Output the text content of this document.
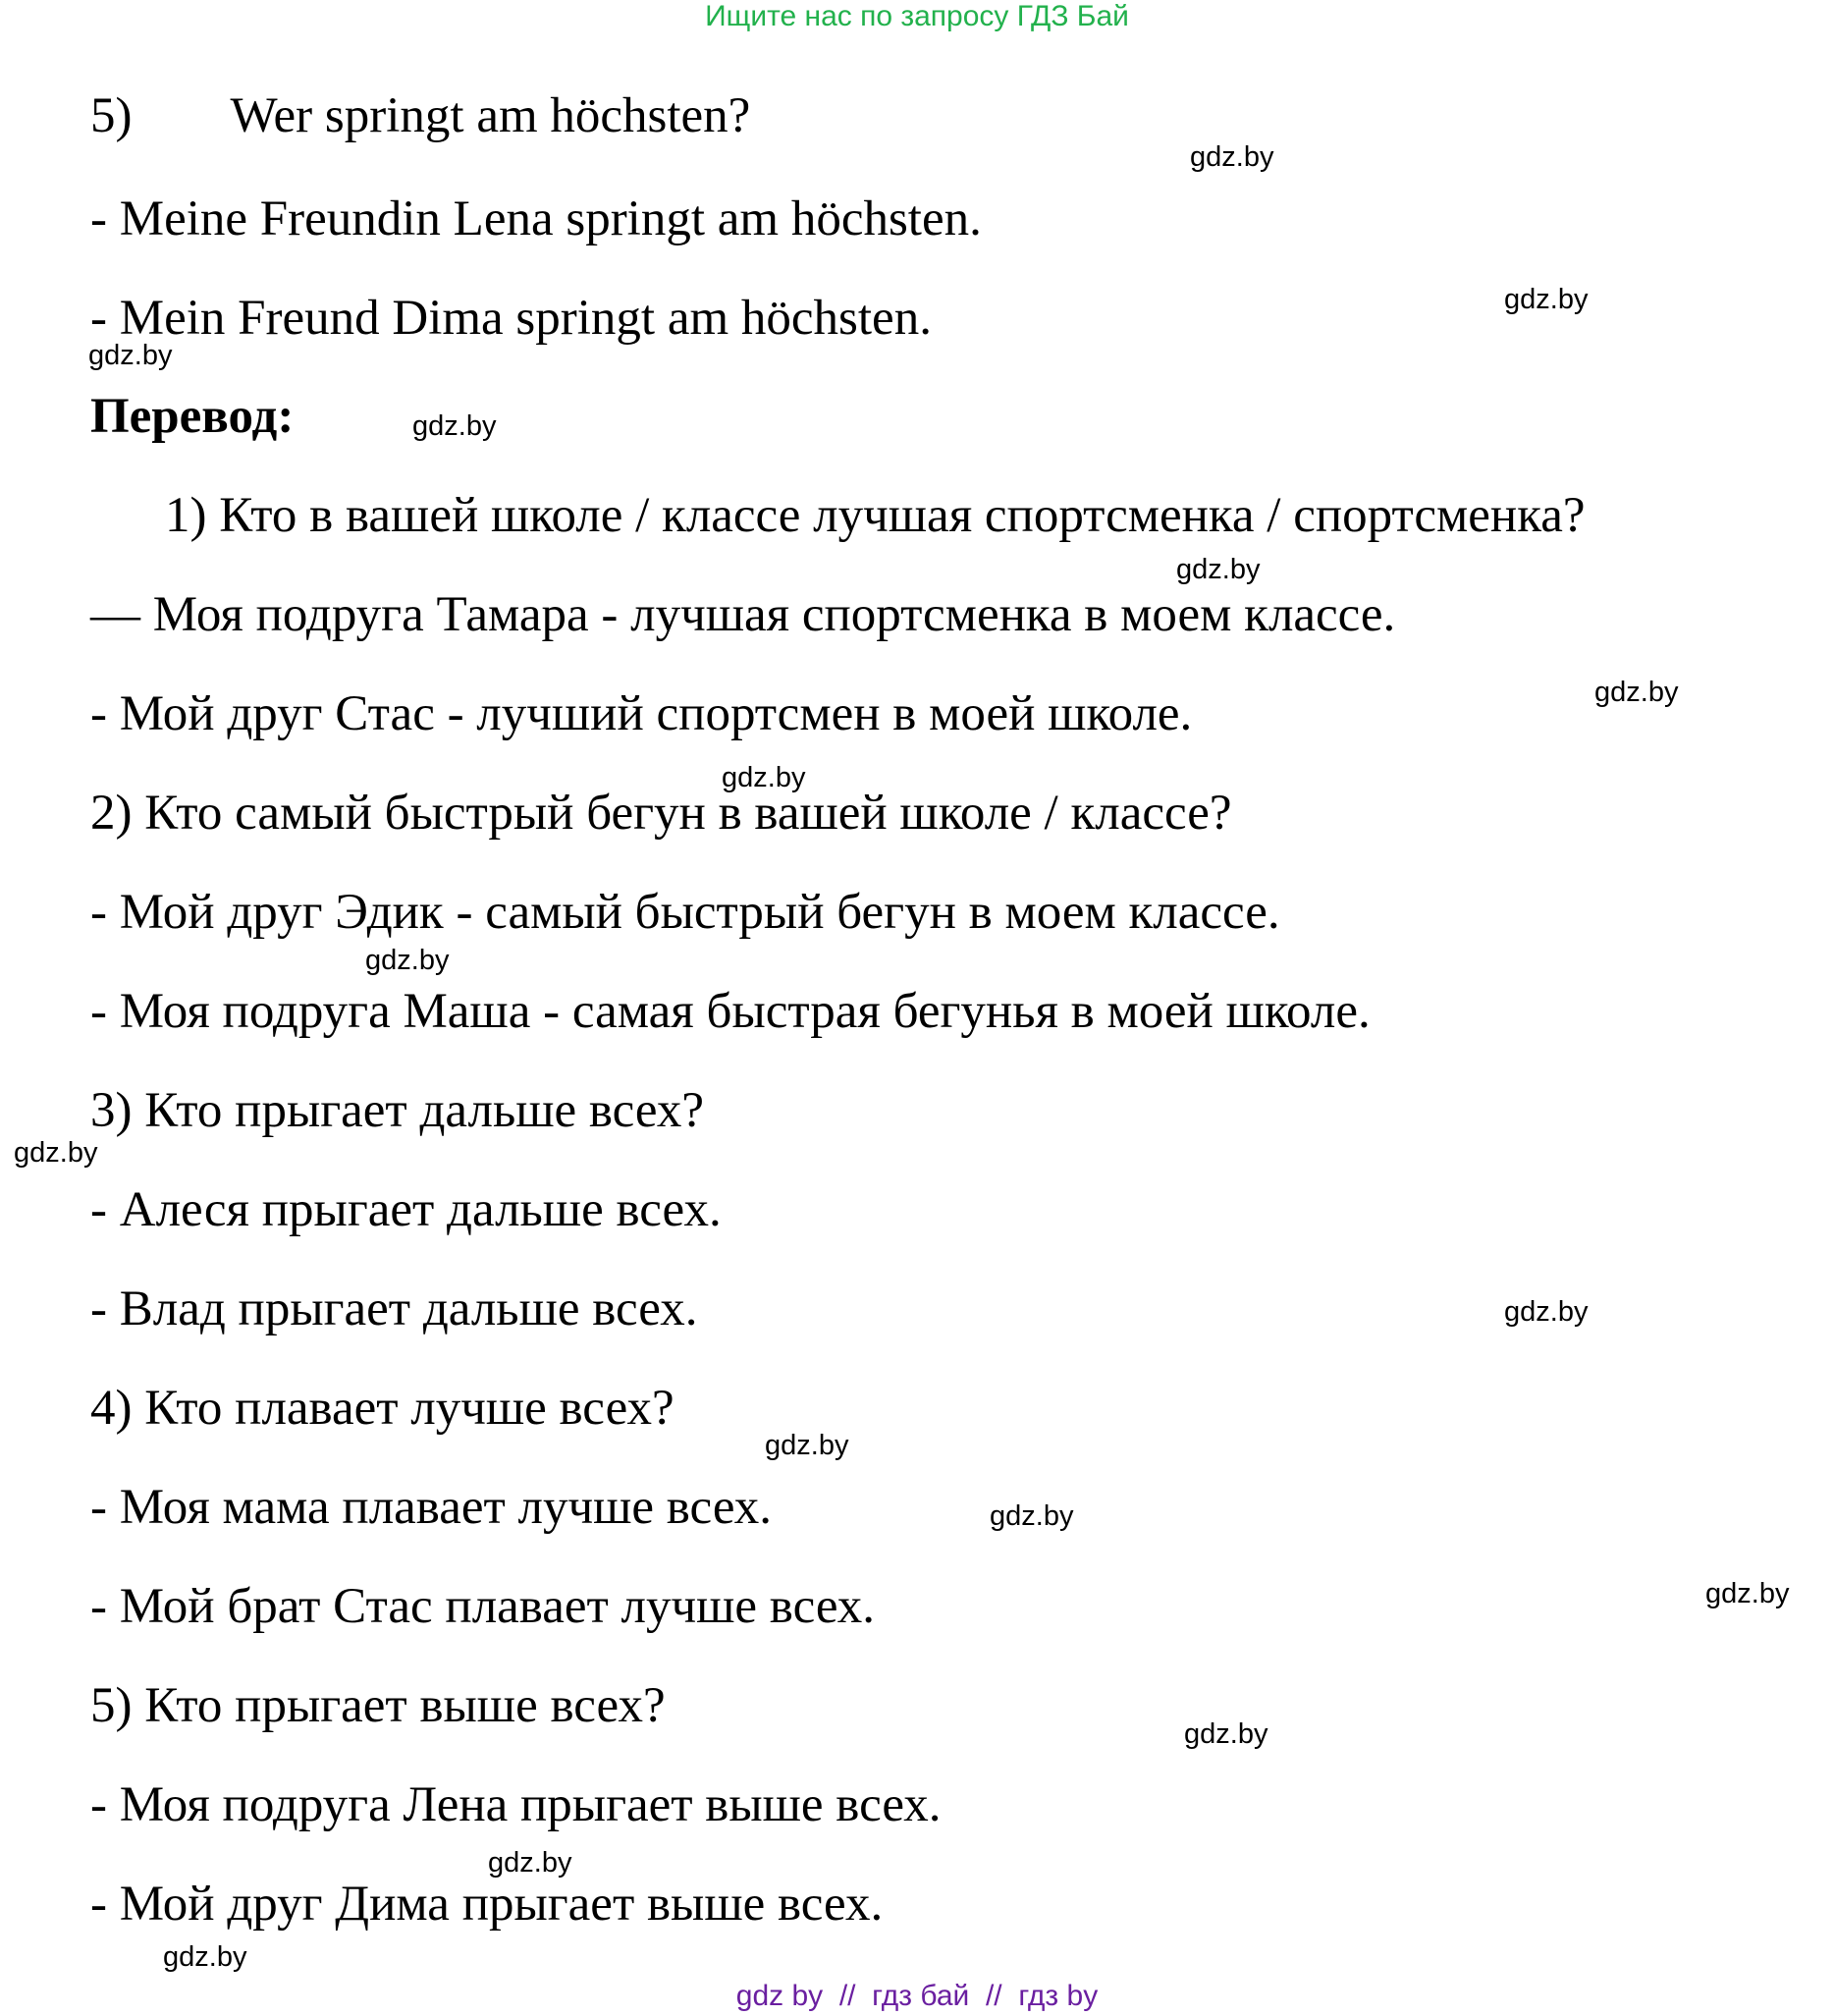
Ищите нас по запросу ГДЗ Бай
5) Wer springt am höchsten?
- Meine Freundin Lena springt am höchsten.
- Mein Freund Dima springt am höchsten.
Перевод:
1) Кто в вашей школе / классе лучшая спортсменка / спортсменка?
— Моя подруга Тамара - лучшая спортсменка в моем классе.
- Мой друг Стас - лучший спортсмен в моей школе.
2) Кто самый быстрый бегун в вашей школе / классе?
- Мой друг Эдик - самый быстрый бегун в моем классе.
- Моя подруга Маша - самая быстрая бегунья в моей школе.
3) Кто прыгает дальше всех?
- Алеся прыгает дальше всех.
- Влад прыгает дальше всех.
4) Кто плавает лучше всех?
- Моя мама плавает лучше всех.
- Мой брат Стас плавает лучше всех.
5) Кто прыгает выше всех?
- Моя подруга Лена прыгает выше всех.
- Мой друг Дима прыгает выше всех.
gdz.by
gdz.by
gdz.by
gdz.by
gdz.by
gdz.by
gdz.by
gdz.by
gdz.by
gdz.by
gdz.by
gdz.by
gdz.by
gdz.by
gdz.by
gdz.by
gdz by  //  гдз бай  //  гдз by
